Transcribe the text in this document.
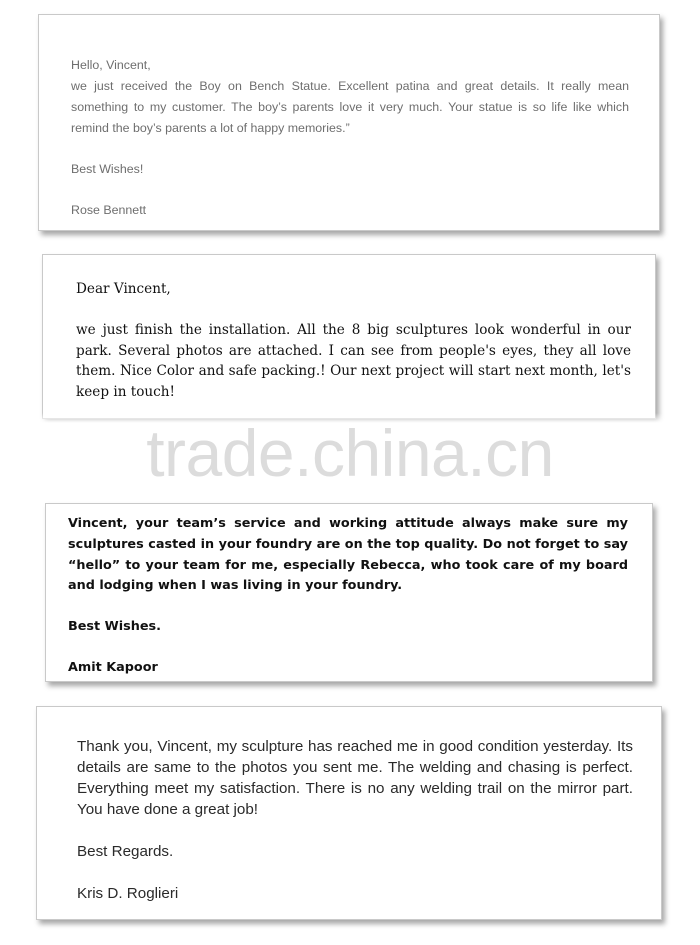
Hello, Vincent,

we just received the Boy on Bench Statue. Excellent patina and great details. It really mean something to my customer. The boy’s parents love it very much. Your statue is so life like which remind the boy’s parents a lot of happy memories.”

Best Wishes!

Rose Bennett

Dear Vincent,

we just finish the installation. All the 8 big sculptures look wonderful in our park. Several photos are attached. I can see from people's eyes, they all love them. Nice Color and safe packing.! Our next project will start next month, let's keep in touch!

trade.china.cn

Vincent, your team’s service and working attitude always make sure my sculptures casted in your foundry are on the top quality. Do not forget to say “hello” to your team for me, especially Rebecca, who took care of my board and lodging when I was living in your foundry.

Best Wishes.

Amit Kapoor

Thank you, Vincent, my sculpture has reached me in good condition yesterday. Its details are same to the photos you sent me. The welding and chasing is perfect. Everything meet my satisfaction. There is no any welding trail on the mirror part. You have done a great job!

Best Regards.

Kris D. Roglieri
